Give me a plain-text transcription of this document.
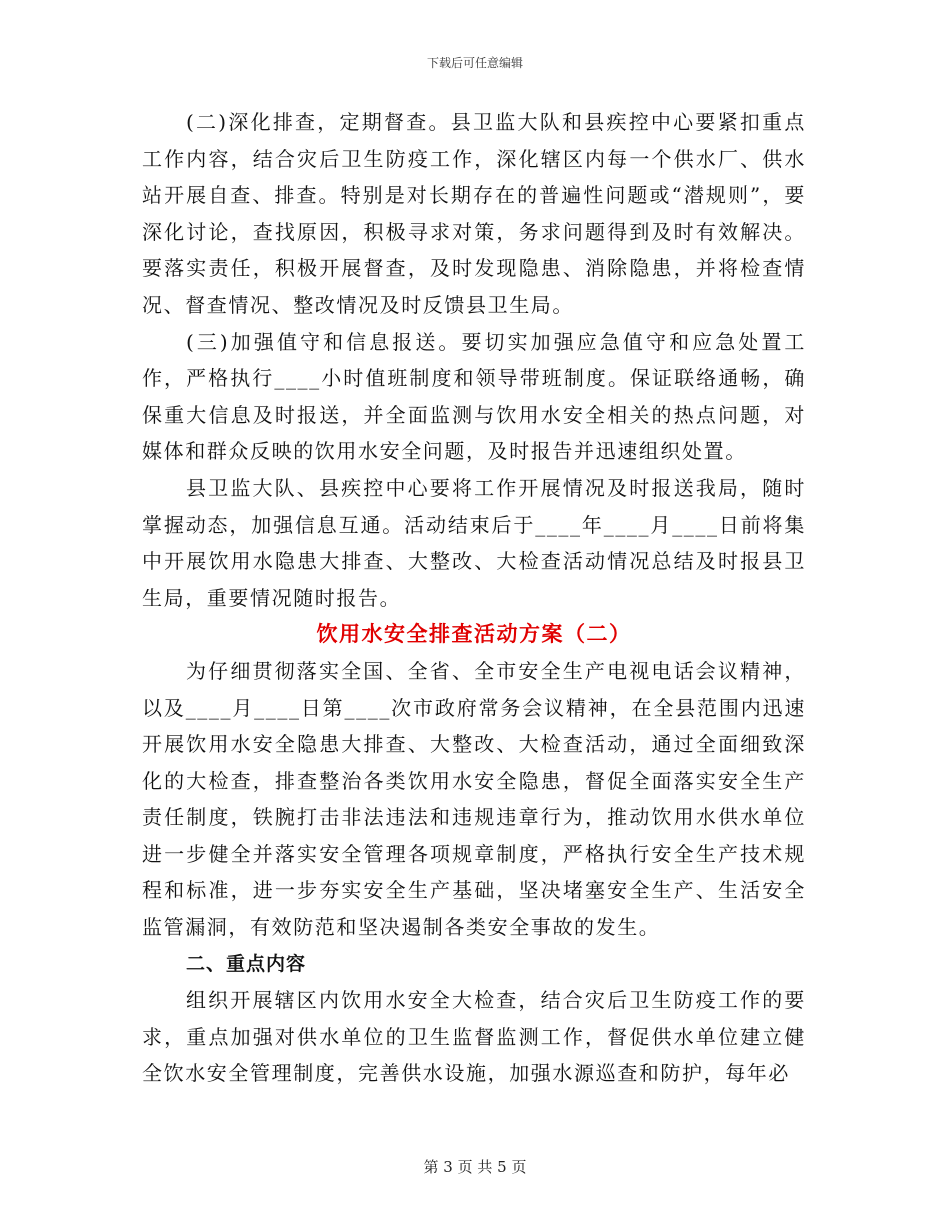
下载后可任意编辑

(二)深化排查，定期督查。县卫监大队和县疾控中心要紧扣重点工作内容，结合灾后卫生防疫工作，深化辖区内每一个供水厂、供水站开展自查、排查。特别是对长期存在的普遍性问题或“潜规则”，要深化讨论，查找原因，积极寻求对策，务求问题得到及时有效解决。要落实责任，积极开展督查，及时发现隐患、消除隐患，并将检查情况、督查情况、整改情况及时反馈县卫生局。

(三)加强值守和信息报送。要切实加强应急值守和应急处置工作，严格执行____小时值班制度和领导带班制度。保证联络通畅，确保重大信息及时报送，并全面监测与饮用水安全相关的热点问题，对媒体和群众反映的饮用水安全问题，及时报告并迅速组织处置。

县卫监大队、县疾控中心要将工作开展情况及时报送我局，随时掌握动态，加强信息互通。活动结束后于____年____月____日前将集中开展饮用水隐患大排查、大整改、大检查活动情况总结及时报县卫生局，重要情况随时报告。

饮用水安全排查活动方案（二）

为仔细贯彻落实全国、全省、全市安全生产电视电话会议精神，以及____月____日第____次市政府常务会议精神，在全县范围内迅速开展饮用水安全隐患大排查、大整改、大检查活动，通过全面细致深化的大检查，排查整治各类饮用水安全隐患，督促全面落实安全生产责任制度，铁腕打击非法违法和违规违章行为，推动饮用水供水单位进一步健全并落实安全管理各项规章制度，严格执行安全生产技术规程和标准，进一步夯实安全生产基础，坚决堵塞安全生产、生活安全监管漏洞，有效防范和坚决遏制各类安全事故的发生。

二、重点内容

组织开展辖区内饮用水安全大检查，结合灾后卫生防疫工作的要求，重点加强对供水单位的卫生监督监测工作，督促供水单位建立健全饮水安全管理制度，完善供水设施，加强水源巡查和防护，每年必

第 3 页 共 5 页
